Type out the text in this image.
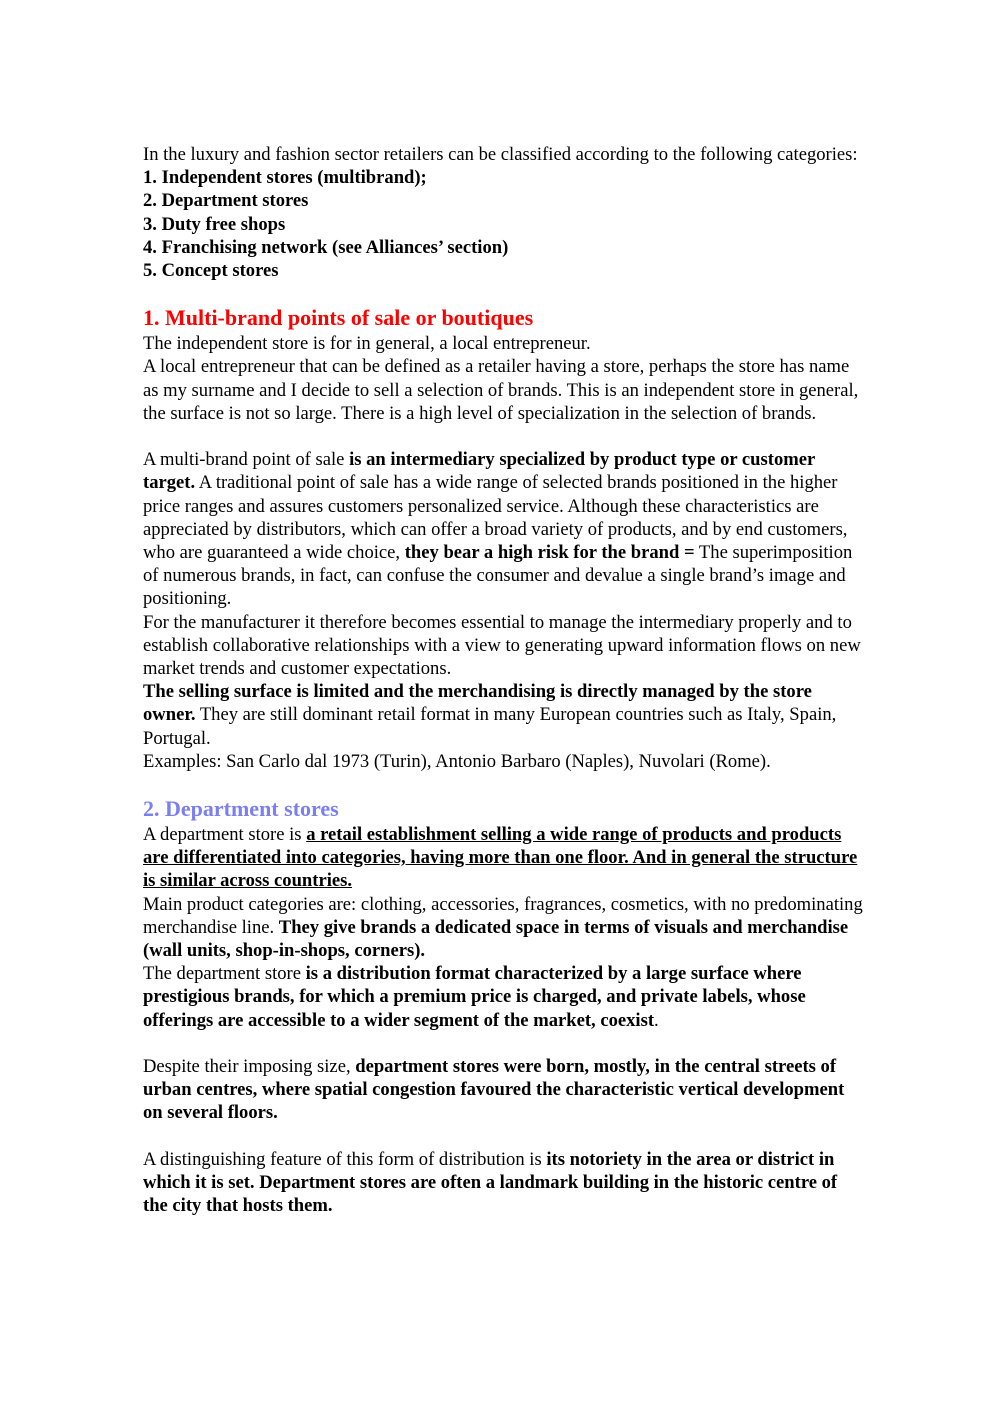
In the luxury and fashion sector retailers can be classified according to the following categories:

1. Independent stores (multibrand);

2. Department stores

3. Duty free shops

4. Franchising network (see Alliances’ section)

5. Concept stores

1. Multi-brand points of sale or boutiques

The independent store is for in general, a local entrepreneur.

A local entrepreneur that can be defined as a retailer having a store, perhaps the store has name as my surname and I decide to sell a selection of brands. This is an independent store in general, the surface is not so large. There is a high level of specialization in the selection of brands.

A multi-brand point of sale is an intermediary specialized by product type or customer target. A traditional point of sale has a wide range of selected brands positioned in the higher price ranges and assures customers personalized service. Although these characteristics are appreciated by distributors, which can offer a broad variety of products, and by end customers, who are guaranteed a wide choice, they bear a high risk for the brand = The superimposition of numerous brands, in fact, can confuse the consumer and devalue a single brand’s image and positioning.

For the manufacturer it therefore becomes essential to manage the intermediary properly and to establish collaborative relationships with a view to generating upward information flows on new market trends and customer expectations.

The selling surface is limited and the merchandising is directly managed by the store owner. They are still dominant retail format in many European countries such as Italy, Spain, Portugal.

Examples: San Carlo dal 1973 (Turin), Antonio Barbaro (Naples), Nuvolari (Rome).

2. Department stores

A department store is a retail establishment selling a wide range of products and products are differentiated into categories, having more than one floor. And in general the structure is similar across countries.

Main product categories are: clothing, accessories, fragrances, cosmetics, with no predominating merchandise line. They give brands a dedicated space in terms of visuals and merchandise (wall units, shop-in-shops, corners).

The department store is a distribution format characterized by a large surface where prestigious brands, for which a premium price is charged, and private labels, whose offerings are accessible to a wider segment of the market, coexist.

Despite their imposing size, department stores were born, mostly, in the central streets of urban centres, where spatial congestion favoured the characteristic vertical development on several floors.

A distinguishing feature of this form of distribution is its notoriety in the area or district in which it is set. Department stores are often a landmark building in the historic centre of the city that hosts them.
